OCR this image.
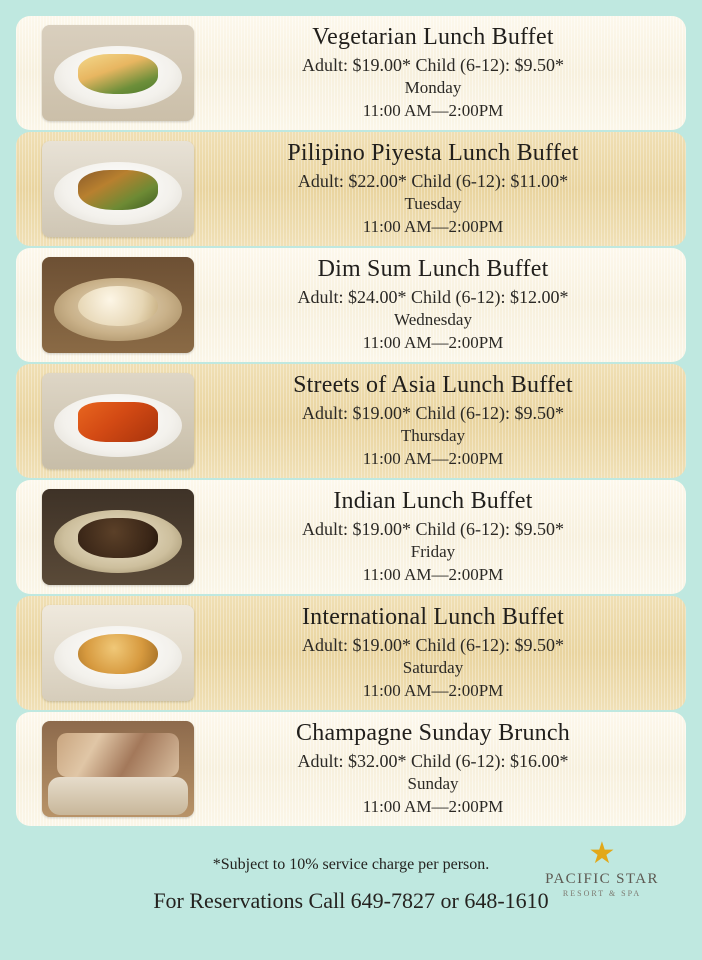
Vegetarian Lunch Buffet
Adult: $19.00* Child (6-12): $9.50*
Monday
11:00 AM—2:00PM
Pilipino Piyesta Lunch Buffet
Adult: $22.00* Child (6-12): $11.00*
Tuesday
11:00 AM—2:00PM
Dim Sum Lunch Buffet
Adult: $24.00* Child (6-12): $12.00*
Wednesday
11:00 AM—2:00PM
Streets of Asia Lunch Buffet
Adult: $19.00* Child (6-12): $9.50*
Thursday
11:00 AM—2:00PM
Indian Lunch Buffet
Adult: $19.00* Child (6-12): $9.50*
Friday
11:00 AM—2:00PM
International Lunch Buffet
Adult: $19.00* Child (6-12): $9.50*
Saturday
11:00 AM—2:00PM
Champagne Sunday Brunch
Adult: $32.00* Child (6-12): $16.00*
Sunday
11:00 AM—2:00PM
*Subject to 10% service charge per person.
For Reservations Call 649-7827 or 648-1610
★
PACIFIC STAR
RESORT & SPA
